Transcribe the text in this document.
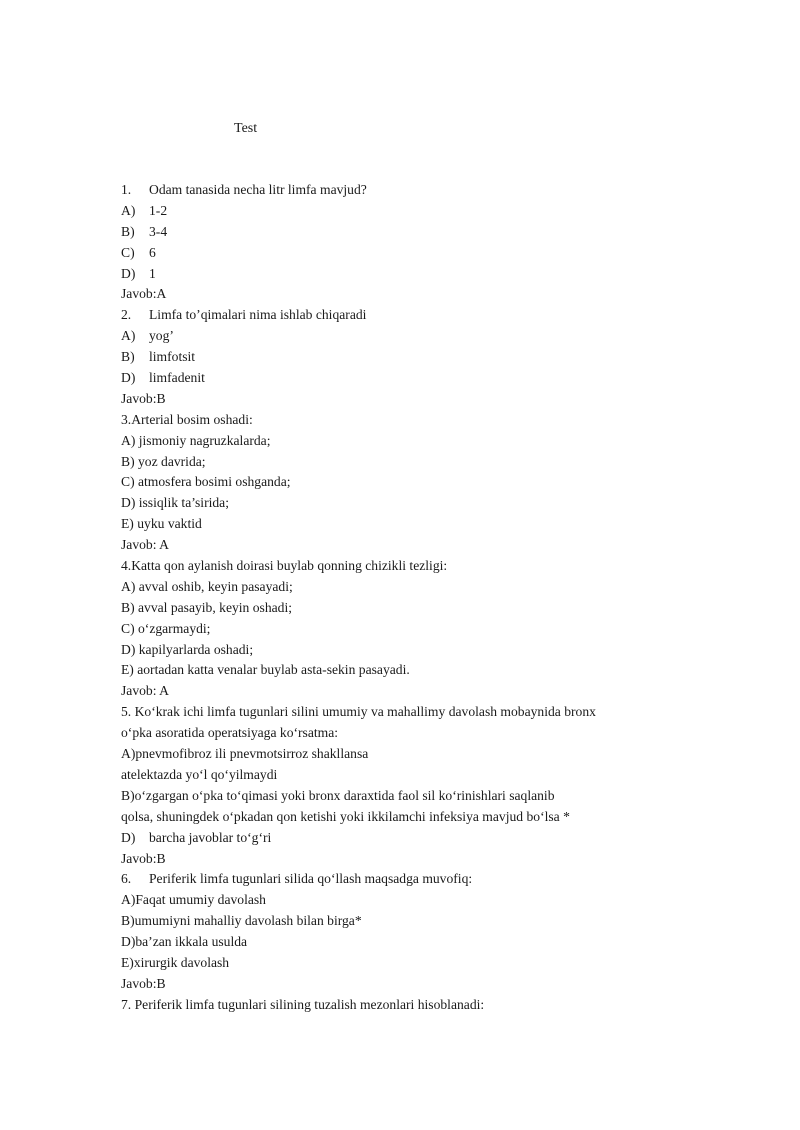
Test
1. Odam tanasida necha litr limfa mavjud?
A) 1-2
B) 3-4
C) 6
D) 1
Javob:A
2. Limfa to’qimalari nima ishlab chiqaradi
A) yog’
B) limfotsit
D) limfadenit
Javob:B
3.Arterial bosim oshadi:
A) jismoniy nagruzkalarda;
B) yoz davrida;
C) atmosfera bosimi oshganda;
D) issiqlik ta’sirida;
E) uyku vaktid
Javob: A
4.Katta qon aylanish doirasi buylab qonning chizikli tezligi:
A) avval oshib, keyin pasayadi;
B) avval pasayib, keyin oshadi;
C) o‘zgarmaydi;
D) kapilyarlarda oshadi;
E) aortadan katta venalar buylab asta-sekin pasayadi.
Javob: A
5. Ko‘krak ichi limfa tugunlari silini umumiy va mahallimy davolash mobaynida bronx
o‘pka asoratida operatsiyaga ko‘rsatma:
A)pnevmofibroz ili pnevmotsirroz shakllansa
atelektazda yo‘l qo‘yilmaydi
B)o‘zgargan o‘pka to‘qimasi yoki bronx daraxtida faol sil ko‘rinishlari saqlanib
qolsa, shuningdek o‘pkadan qon ketishi yoki ikkilamchi infeksiya mavjud bo‘lsa *
D) barcha javoblar to‘g‘ri
Javob:B
6. Periferik limfa tugunlari silida qo‘llash maqsadga muvofiq:
A)Faqat umumiy davolash
B)umumiyni mahalliy davolash bilan birga*
D)ba’zan ikkala usulda
E)xirurgik davolash
Javob:B
7. Periferik limfa tugunlari silining tuzalish mezonlari hisoblanadi:
